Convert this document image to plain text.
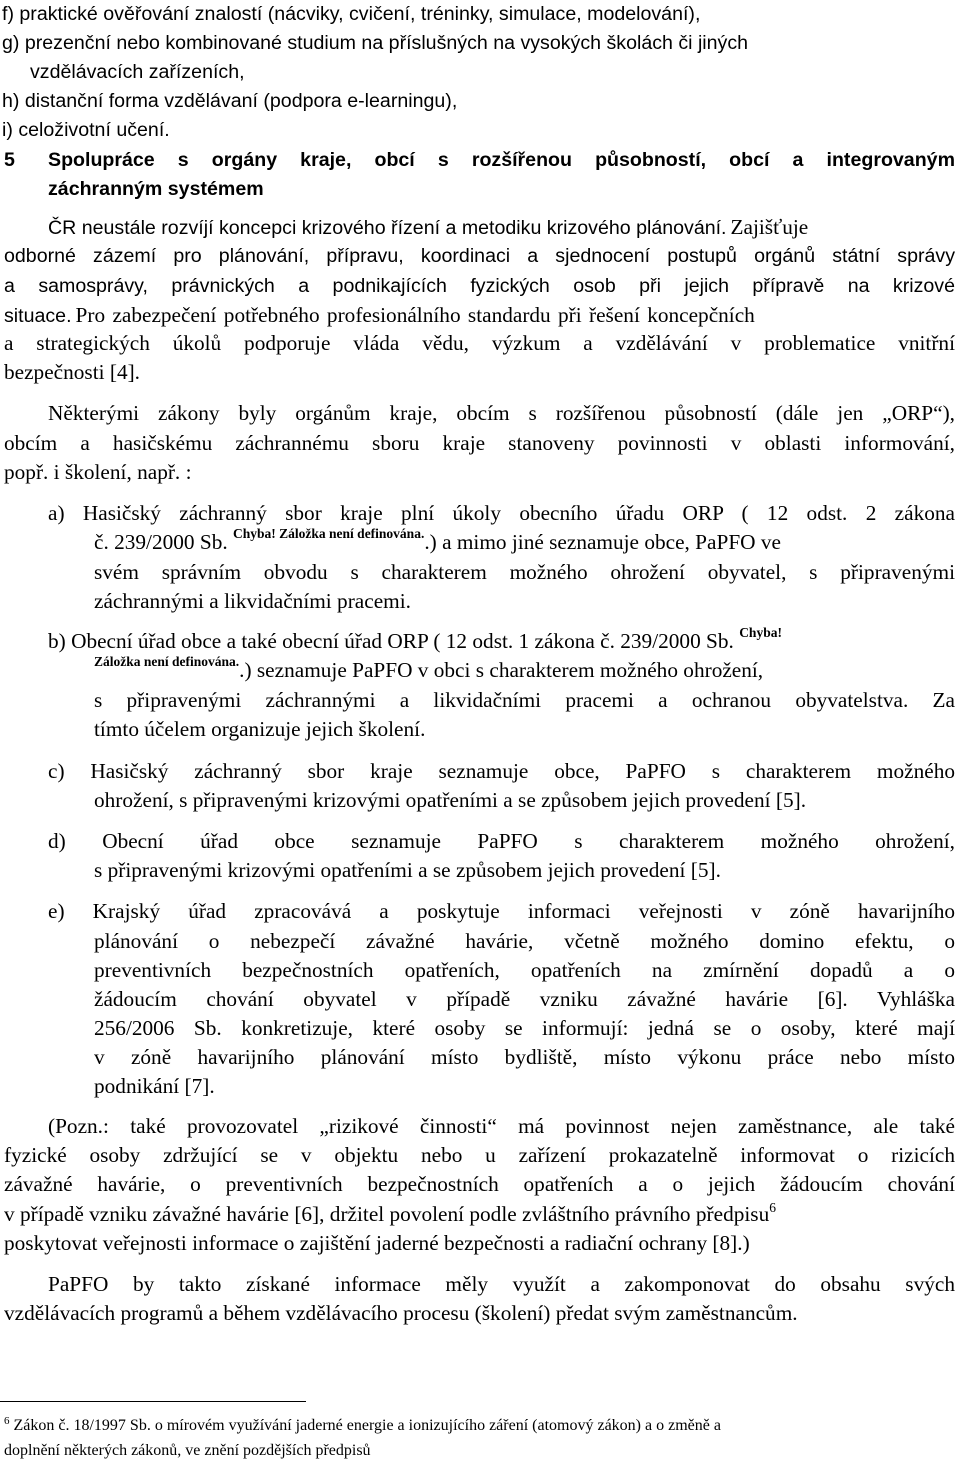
f) praktické ověřování znalostí (nácviky, cvičení, tréninky, simulace, modelování),

g) prezenční nebo kombinované studium na příslušných na vysokých školách či jiných

vzdělávacích zařízeních,

h) distanční forma vzdělávaní (podpora e-learningu),

i) celoživotní učení.

5 Spolupráce s orgány kraje, obcí s rozšířenou působností, obcí a integrovaným

záchranným systémem

ČR neustále rozvíjí koncepci krizového řízení a metodiku krizového plánování. Zajišťuje

odborné zázemí pro plánování, přípravu, koordinaci a sjednocení postupů orgánů státní správy

a samosprávy, právnických a podnikajících fyzických osob při jejich přípravě na krizové

situace. Pro zabezpečení potřebného profesionálního standardu při řešení koncepčních

a strategických úkolů podporuje vláda vědu, výzkum a vzdělávání v problematice vnitřní

bezpečnosti [4].

Některými zákony byly orgánům kraje, obcím s rozšířenou působností (dále jen „ORP“),

obcím a hasičskému záchrannému sboru kraje stanoveny povinnosti v oblasti informování,

popř. i školení, např. :

a) Hasičský záchranný sbor kraje plní úkoly obecního úřadu ORP ( 12 odst. 2 zákona

č. 239/2000 Sb. $^{Chyba! Záložka není definována.}$.) a mimo jiné seznamuje obce, PaPFO ve

svém správním obvodu s charakterem možného ohrožení obyvatel, s připravenými

záchrannými a likvidačními pracemi.

b) Obecní úřad obce a také obecní úřad ORP ( 12 odst. 1 zákona č. 239/2000 Sb. $^{Chyba!}$

$^{Záložka není definována.}$.) seznamuje PaPFO v obci s charakterem možného ohrožení,

s připravenými záchrannými a likvidačními pracemi a ochranou obyvatelstva. Za

tímto účelem organizuje jejich školení.

c) Hasičský záchranný sbor kraje seznamuje obce, PaPFO s charakterem možného

ohrožení, s připravenými krizovými opatřeními a se způsobem jejich provedení [5].

d) Obecní úřad obce seznamuje PaPFO s charakterem možného ohrožení,

s připravenými krizovými opatřeními a se způsobem jejich provedení [5].

e) Krajský úřad zpracovává a poskytuje informaci veřejnosti v zóně havarijního

plánování o nebezpečí závažné havárie, včetně možného domino efektu, o

preventivních bezpečnostních opatřeních, opatřeních na zmírnění dopadů a o

žádoucím chování obyvatel v případě vzniku závažné havárie [6]. Vyhláška

256/2006 Sb. konkretizuje, které osoby se informují: jedná se o osoby, které mají

v zóně havarijního plánování místo bydliště, místo výkonu práce nebo místo

podnikání [7].

(Pozn.: také provozovatel „rizikové činnosti“ má povinnost nejen zaměstnance, ale také

fyzické osoby zdržující se v objektu nebo u zařízení prokazatelně informovat o rizicích

závažné havárie, o preventivních bezpečnostních opatřeních a o jejich žádoucím chování

v případě vzniku závažné havárie [6], držitel povolení podle zvláštního právního předpisu$^6$

poskytovat veřejnosti informace o zajištění jaderné bezpečnosti a radiační ochrany [8].)

PaPFO by takto získané informace měly využít a zakomponovat do obsahu svých

vzdělávacích programů a během vzdělávacího procesu (školení) předat svým zaměstnancům.

$^6$ Zákon č. 18/1997 Sb. o mírovém využívání jaderné energie a ionizujícího záření (atomový zákon) a o změně a

doplnění některých zákonů, ve znění pozdějších předpisů
